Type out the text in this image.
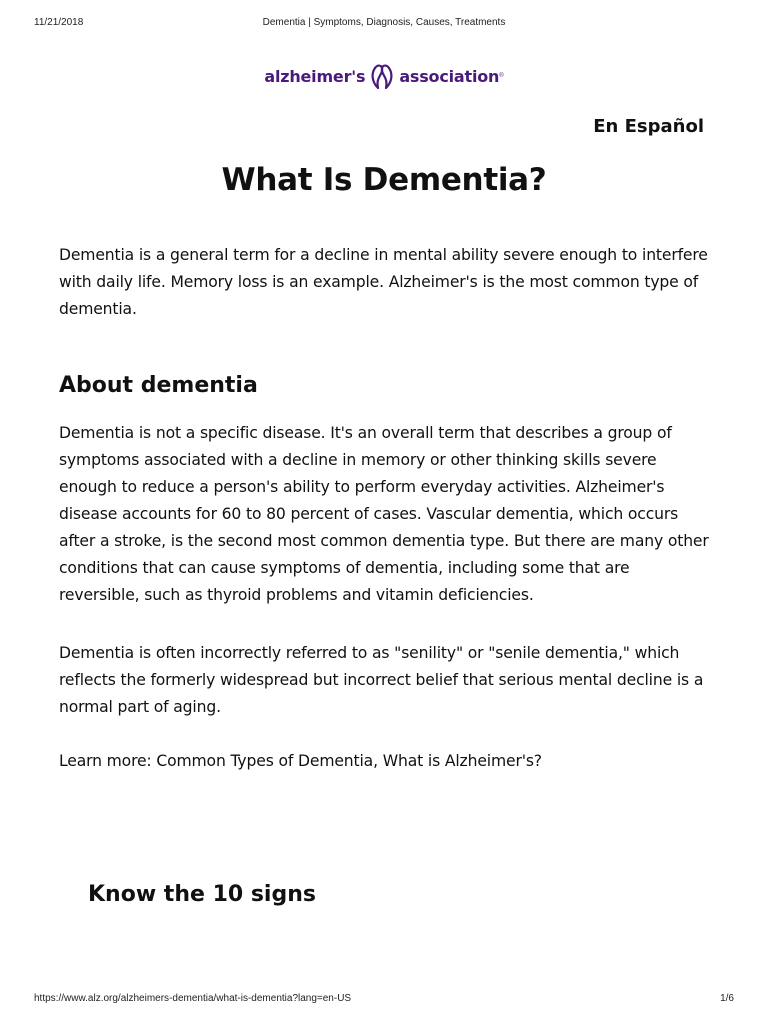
11/21/2018	Dementia | Symptoms, Diagnosis, Causes, Treatments
alzheimer's association ®
En Español
What Is Dementia?

Dementia is a general term for a decline in mental ability severe enough to interfere with daily life. Memory loss is an example. Alzheimer's is the most common type of dementia.

About dementia

Dementia is not a specific disease. It's an overall term that describes a group of symptoms associated with a decline in memory or other thinking skills severe enough to reduce a person's ability to perform everyday activities. Alzheimer's disease accounts for 60 to 80 percent of cases. Vascular dementia, which occurs after a stroke, is the second most common dementia type. But there are many other conditions that can cause symptoms of dementia, including some that are reversible, such as thyroid problems and vitamin deficiencies.

Dementia is often incorrectly referred to as "senility" or "senile dementia," which reflects the formerly widespread but incorrect belief that serious mental decline is a normal part of aging.

Learn more: Common Types of Dementia, What is Alzheimer's?

Know the 10 signs
https://www.alz.org/alzheimers-dementia/what-is-dementia?lang=en-US	1/6
